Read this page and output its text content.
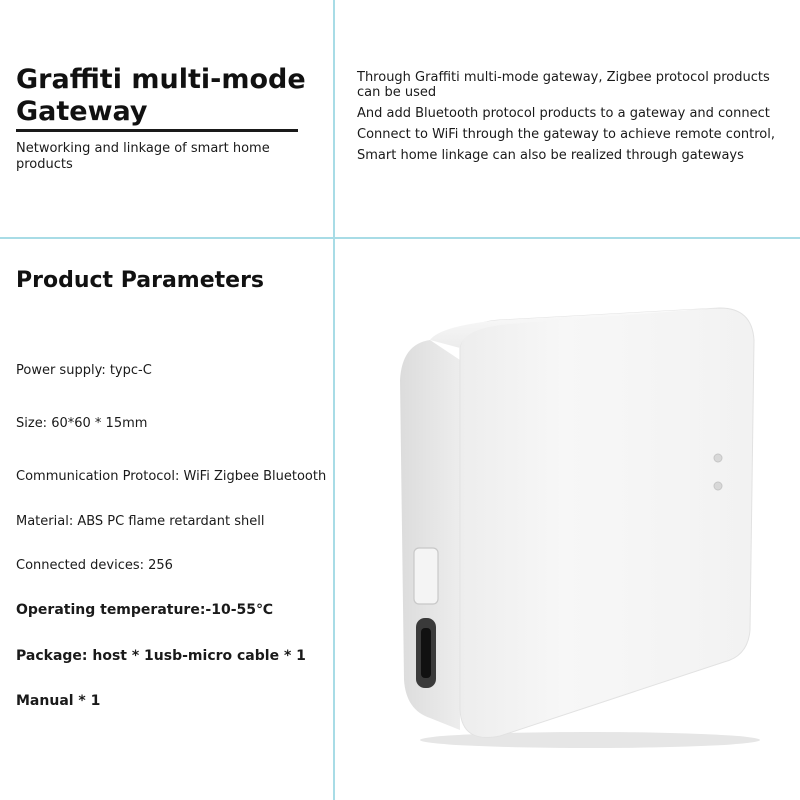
Graffiti multi-mode Gateway
Networking and linkage of smart home products

Through Graffiti multi-mode gateway, Zigbee protocol products can be used

And add Bluetooth protocol products to a gateway and connect

Connect to WiFi through the gateway to achieve remote control,

Smart home linkage can also be realized through gateways

Product Parameters
Power supply: typc-C
Size: 60*60 * 15mm
Communication Protocol: WiFi Zigbee Bluetooth
Material: ABS PC flame retardant shell
Connected devices: 256
Operating temperature:-10-55℃
Package: host * 1usb-micro cable * 1
Manual * 1
